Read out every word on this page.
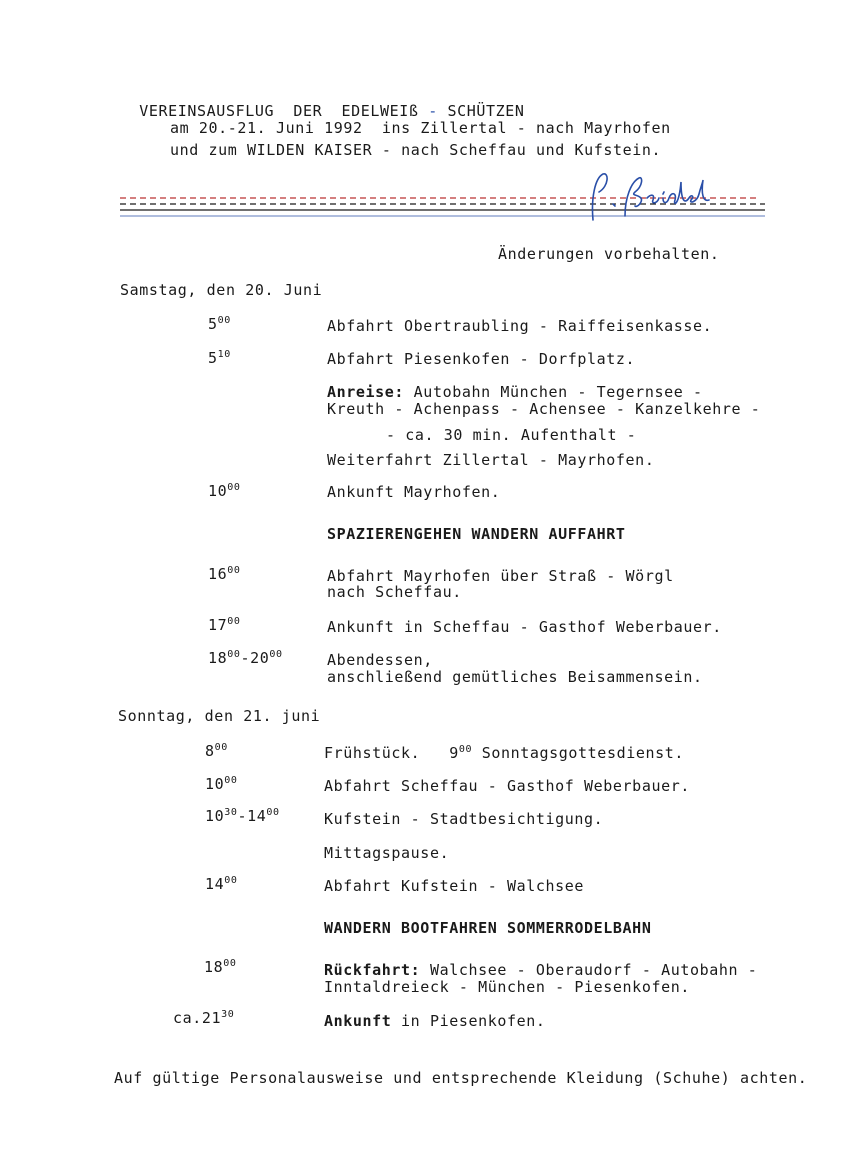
VEREINSAUSFLUG  DER  EDELWEIß - SCHÜTZEN

am 20.-21. Juni 1992  ins Zillertal - nach Mayrhofen
und zum WILDEN KAISER - nach Scheffau und Kufstein.
Änderungen vorbehalten.
Samstag, den 20. Juni
$5^{00}$	Abfahrt Obertraubling - Raiffeisenkasse.
$5^{10}$	Abfahrt Piesenkofen - Dorfplatz.
Anreise: Autobahn München - Tegernsee -
Kreuth - Achenpass - Achensee - Kanzelkehre -
- ca. 30 min. Aufenthalt -
Weiterfahrt Zillertal - Mayrhofen.
$10^{00}$	Ankunft Mayrhofen.
SPAZIERENGEHEN WANDERN AUFFAHRT
$16^{00}$	Abfahrt Mayrhofen über Straß - Wörgl
nach Scheffau.
$17^{00}$	Ankunft in Scheffau - Gasthof Weberbauer.
$18^{00}-20^{00}$	Abendessen,
anschließend gemütliches Beisammensein.
Sonntag, den 21. juni
$8^{00}$	Frühstück. $9^{00}$ Sonntagsgottesdienst.
$10^{00}$	Abfahrt Scheffau - Gasthof Weberbauer.
$10^{30}-14^{00}$	Kufstein - Stadtbesichtigung.
Mittagspause.
$14^{00}$	Abfahrt Kufstein - Walchsee
WANDERN BOOTFAHREN SOMMERRODELBAHN
$18^{00}$	Rückfahrt: Walchsee - Oberaudorf - Autobahn -
Inntaldreieck - München - Piesenkofen.
$ca.21^{30}$	Ankunft in Piesenkofen.
Auf gültige Personalausweise und entsprechende Kleidung (Schuhe) achten.
